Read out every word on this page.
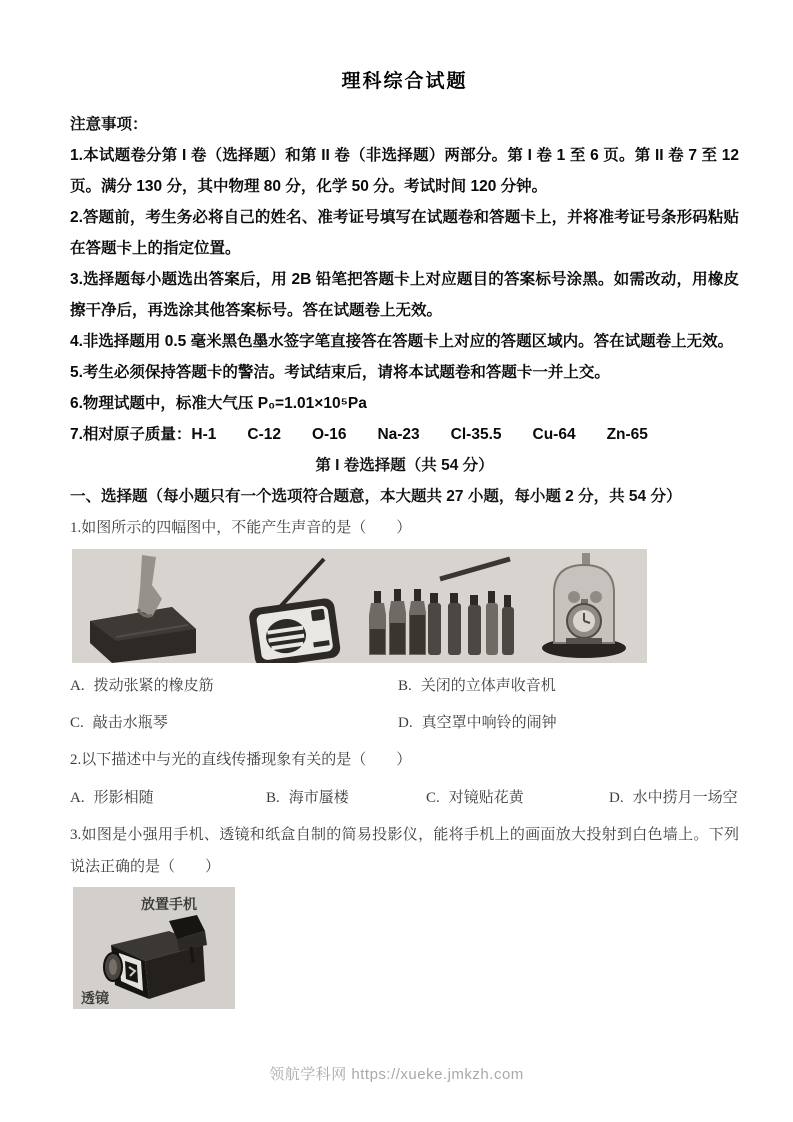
理科综合试题

注意事项：

1.本试题卷分第 I 卷（选择题）和第 II 卷（非选择题）两部分。第 I 卷 1 至 6 页。第 II 卷 7 至 12 页。满分 130 分，其中物理 80 分，化学 50 分。考试时间 120 分钟。

2.答题前，考生务必将自己的姓名、准考证号填写在试题卷和答题卡上，并将准考证号条形码粘贴在答题卡上的指定位置。

3.选择题每小题选出答案后，用 2B 铅笔把答题卡上对应题目的答案标号涂黑。如需改动，用橡皮擦干净后，再选涂其他答案标号。答在试题卷上无效。

4.非选择题用 0.5 毫米黑色墨水签字笔直接答在答题卡上对应的答题区域内。答在试题卷上无效。

5.考生必须保持答题卡的警洁。考试结束后，请将本试题卷和答题卡一并上交。

6.物理试题中，标准大气压 P₀=1.01×10⁵Pa

7.相对原子质量：H-1　　C-12　　O-16　　Na-23　　Cl-35.5　　Cu-64　　Zn-65

第 I 卷选择题（共 54 分）

一、选择题（每小题只有一个选项符合题意，本大题共 27 小题，每小题 2 分，共 54 分）

1.如图所示的四幅图中，不能产生声音的是（　　）

A. 拨动张紧的橡皮筋	B. 关闭的立体声收音机
C. 敲击水瓶琴	D. 真空罩中响铃的闹钟

2.以下描述中与光的直线传播现象有关的是（　　）

A. 形影相随	B. 海市蜃楼	C. 对镜贴花黄	D. 水中捞月一场空

3.如图是小强用手机、透镜和纸盒自制的简易投影仪，能将手机上的画面放大投射到白色墙上。下列说法正确的是（　　）

放置手机
透镜
领航学科网 https://xueke.jmkzh.com
